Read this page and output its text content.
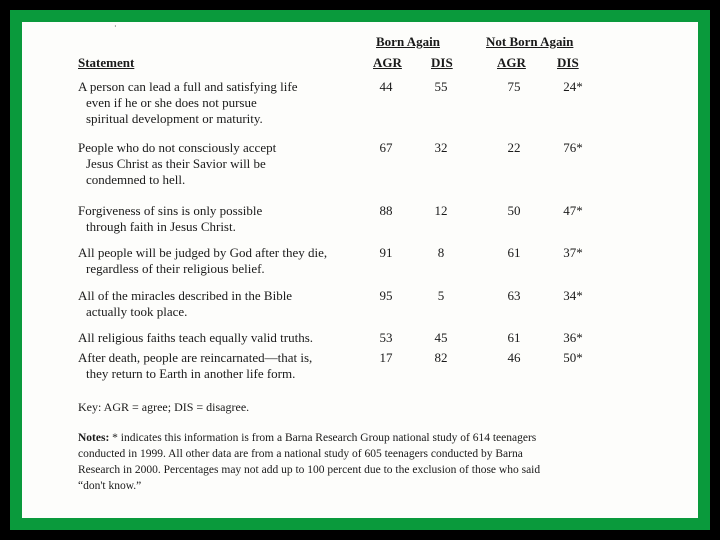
·
Born Again	Not Born Again
Statement	AGR DIS	AGR DIS
A person can lead a full and satisfying life
even if he or she does not pursue
spiritual development or maturity.
44	55	75	24*
People who do not consciously accept
Jesus Christ as their Savior will be
condemned to hell.
67	32	22	76*
Forgiveness of sins is only possible
through faith in Jesus Christ.
88	12	50	47*
All people will be judged by God after they die,
regardless of their religious belief.
91	8	61	37*
All of the miracles described in the Bible
actually took place.
95	5	63	34*
All religious faiths teach equally valid truths.	53	45	61	36*
After death, people are reincarnated—that is,
they return to Earth in another life form.
17	82	46	50*
Key: AGR = agree; DIS = disagree.
Notes: * indicates this information is from a Barna Research Group national study of 614 teenagers
conducted in 1999. All other data are from a national study of 605 teenagers conducted by Barna
Research in 2000. Percentages may not add up to 100 percent due to the exclusion of those who said
“don't know.”
